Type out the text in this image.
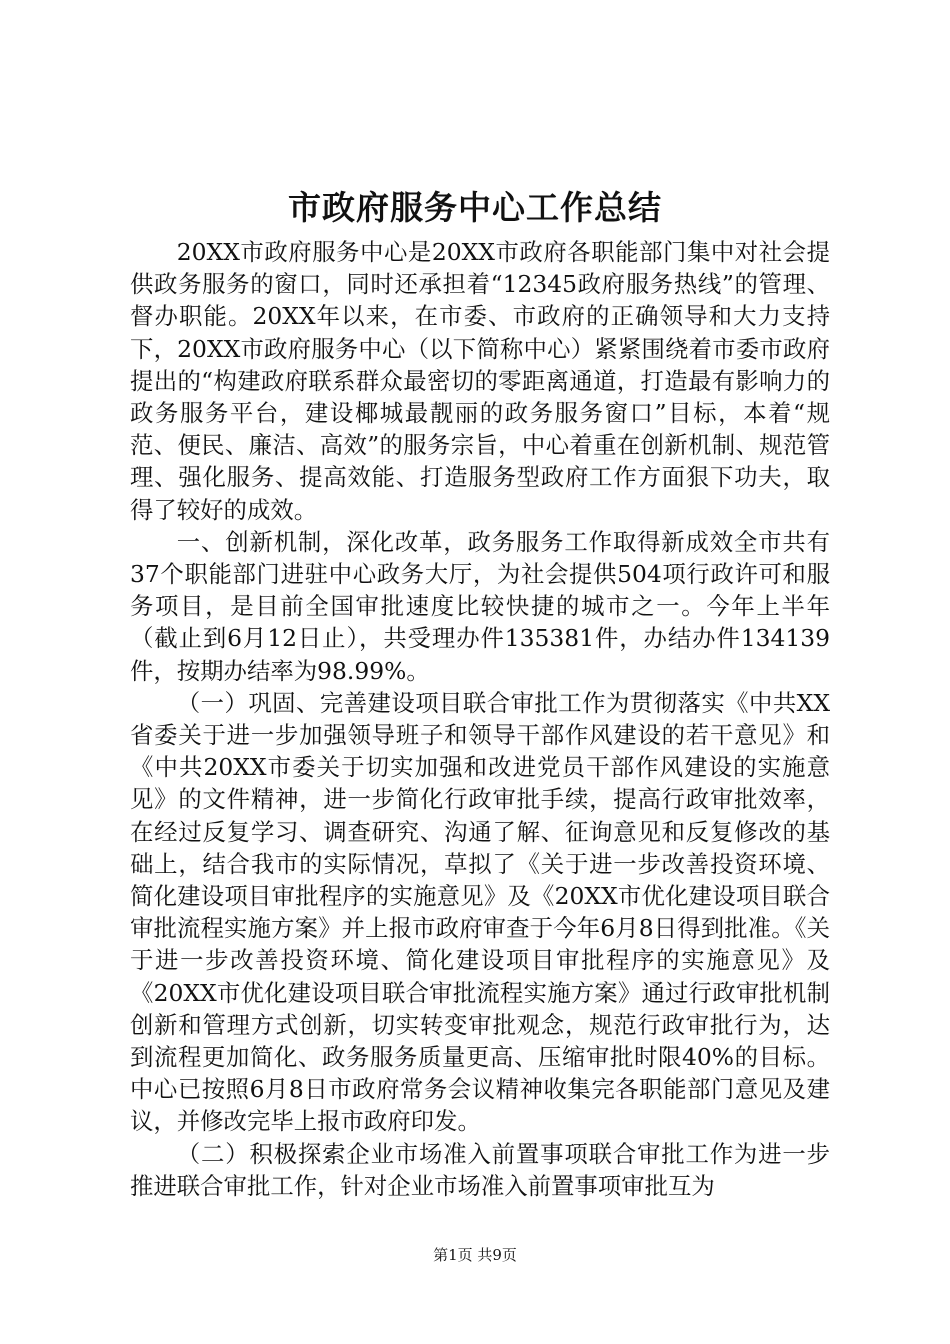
市政府服务中心工作总结

20XX市政府服务中心是20XX市政府各职能部门集中对社会提供政务服务的窗口，同时还承担着“12345政府服务热线”的管理、督办职能。20XX年以来，在市委、市政府的正确领导和大力支持下，20XX市政府服务中心（以下简称中心）紧紧围绕着市委市政府提出的“构建政府联系群众最密切的零距离通道，打造最有影响力的政务服务平台，建设椰城最靓丽的政务服务窗口”目标，本着“规范、便民、廉洁、高效”的服务宗旨，中心着重在创新机制、规范管理、强化服务、提高效能、打造服务型政府工作方面狠下功夫，取得了较好的成效。

一、创新机制，深化改革，政务服务工作取得新成效全市共有37个职能部门进驻中心政务大厅，为社会提供504项行政许可和服务项目，是目前全国审批速度比较快捷的城市之一。今年上半年（截止到6月12日止），共受理办件135381件，办结办件134139件，按期办结率为98.99%。

（一）巩固、完善建设项目联合审批工作为贯彻落实《中共XX省委关于进一步加强领导班子和领导干部作风建设的若干意见》和《中共20XX市委关于切实加强和改进党员干部作风建设的实施意见》的文件精神，进一步简化行政审批手续，提高行政审批效率，在经过反复学习、调查研究、沟通了解、征询意见和反复修改的基础上，结合我市的实际情况，草拟了《关于进一步改善投资环境、简化建设项目审批程序的实施意见》及《20XX市优化建设项目联合审批流程实施方案》并上报市政府审查于今年6月8日得到批准。《关于进一步改善投资环境、简化建设项目审批程序的实施意见》及《20XX市优化建设项目联合审批流程实施方案》通过行政审批机制创新和管理方式创新，切实转变审批观念，规范行政审批行为，达到流程更加简化、政务服务质量更高、压缩审批时限40%的目标。中心已按照6月8日市政府常务会议精神收集完各职能部门意见及建议，并修改完毕上报市政府印发。

（二）积极探索企业市场准入前置事项联合审批工作为进一步推进联合审批工作，针对企业市场准入前置事项审批互为

第1页 共9页
